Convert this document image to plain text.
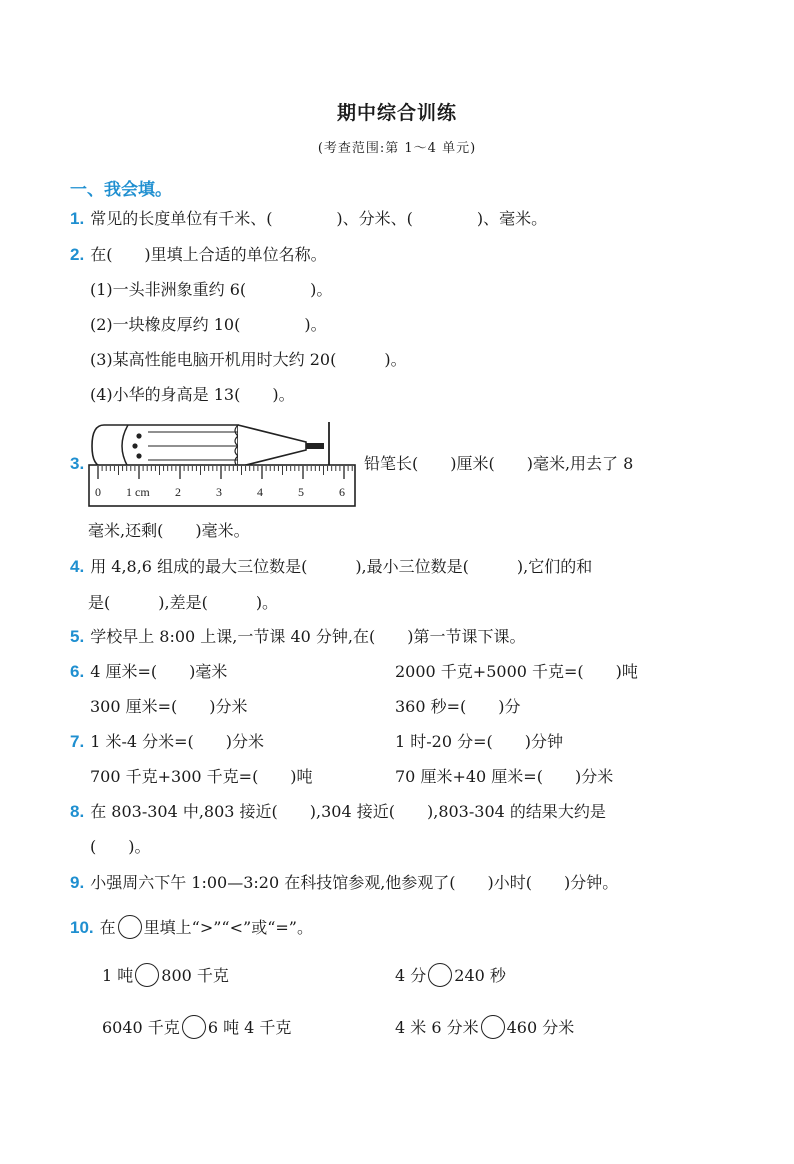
期中综合训练
(考查范围:第 1～4 单元)
一、我会填。
1. 常见的长度单位有千米、(　　　　)、分米、(　　　　)、毫米。
2. 在(　　)里填上合适的单位名称。
(1)一头非洲象重约 6(　　　　)。
(2)一块橡皮厚约 10(　　　　)。
(3)某高性能电脑开机用时大约 20(　　　)。
(4)小华的身高是 13(　　)。
3.
0 1 cm 2	3	4	5	6
铅笔长(　　)厘米(　　)毫米,用去了 8
毫米,还剩(　　)毫米。
4. 用 4,8,6 组成的最大三位数是(　　　),最小三位数是(　　　),它们的和
是(　　　),差是(　　　)。
5. 学校早上 8:00 上课,一节课 40 分钟,在(　　)第一节课下课。
6. 4 厘米=(　　)毫米	2000 千克+5000 千克=(　　)吨
300 厘米=(　　)分米	360 秒=(　　)分
7. 1 米-4 分米=(　　)分米	1 时-20 分=(　　)分钟
700 千克+300 千克=(　　)吨	70 厘米+40 厘米=(　　)分米
8. 在 803-304 中,803 接近(　　),304 接近(　　),803-304 的结果大约是
(　　)。
9. 小强周六下午 1:00—3:20 在科技馆参观,他参观了(　　)小时(　　)分钟。
10. 在 里填上“>”“<”或“=”。
1 吨 800 千克	4 分 240 秒
6040 千克 6 吨 4 千克	4 米 6 分米 460 分米
